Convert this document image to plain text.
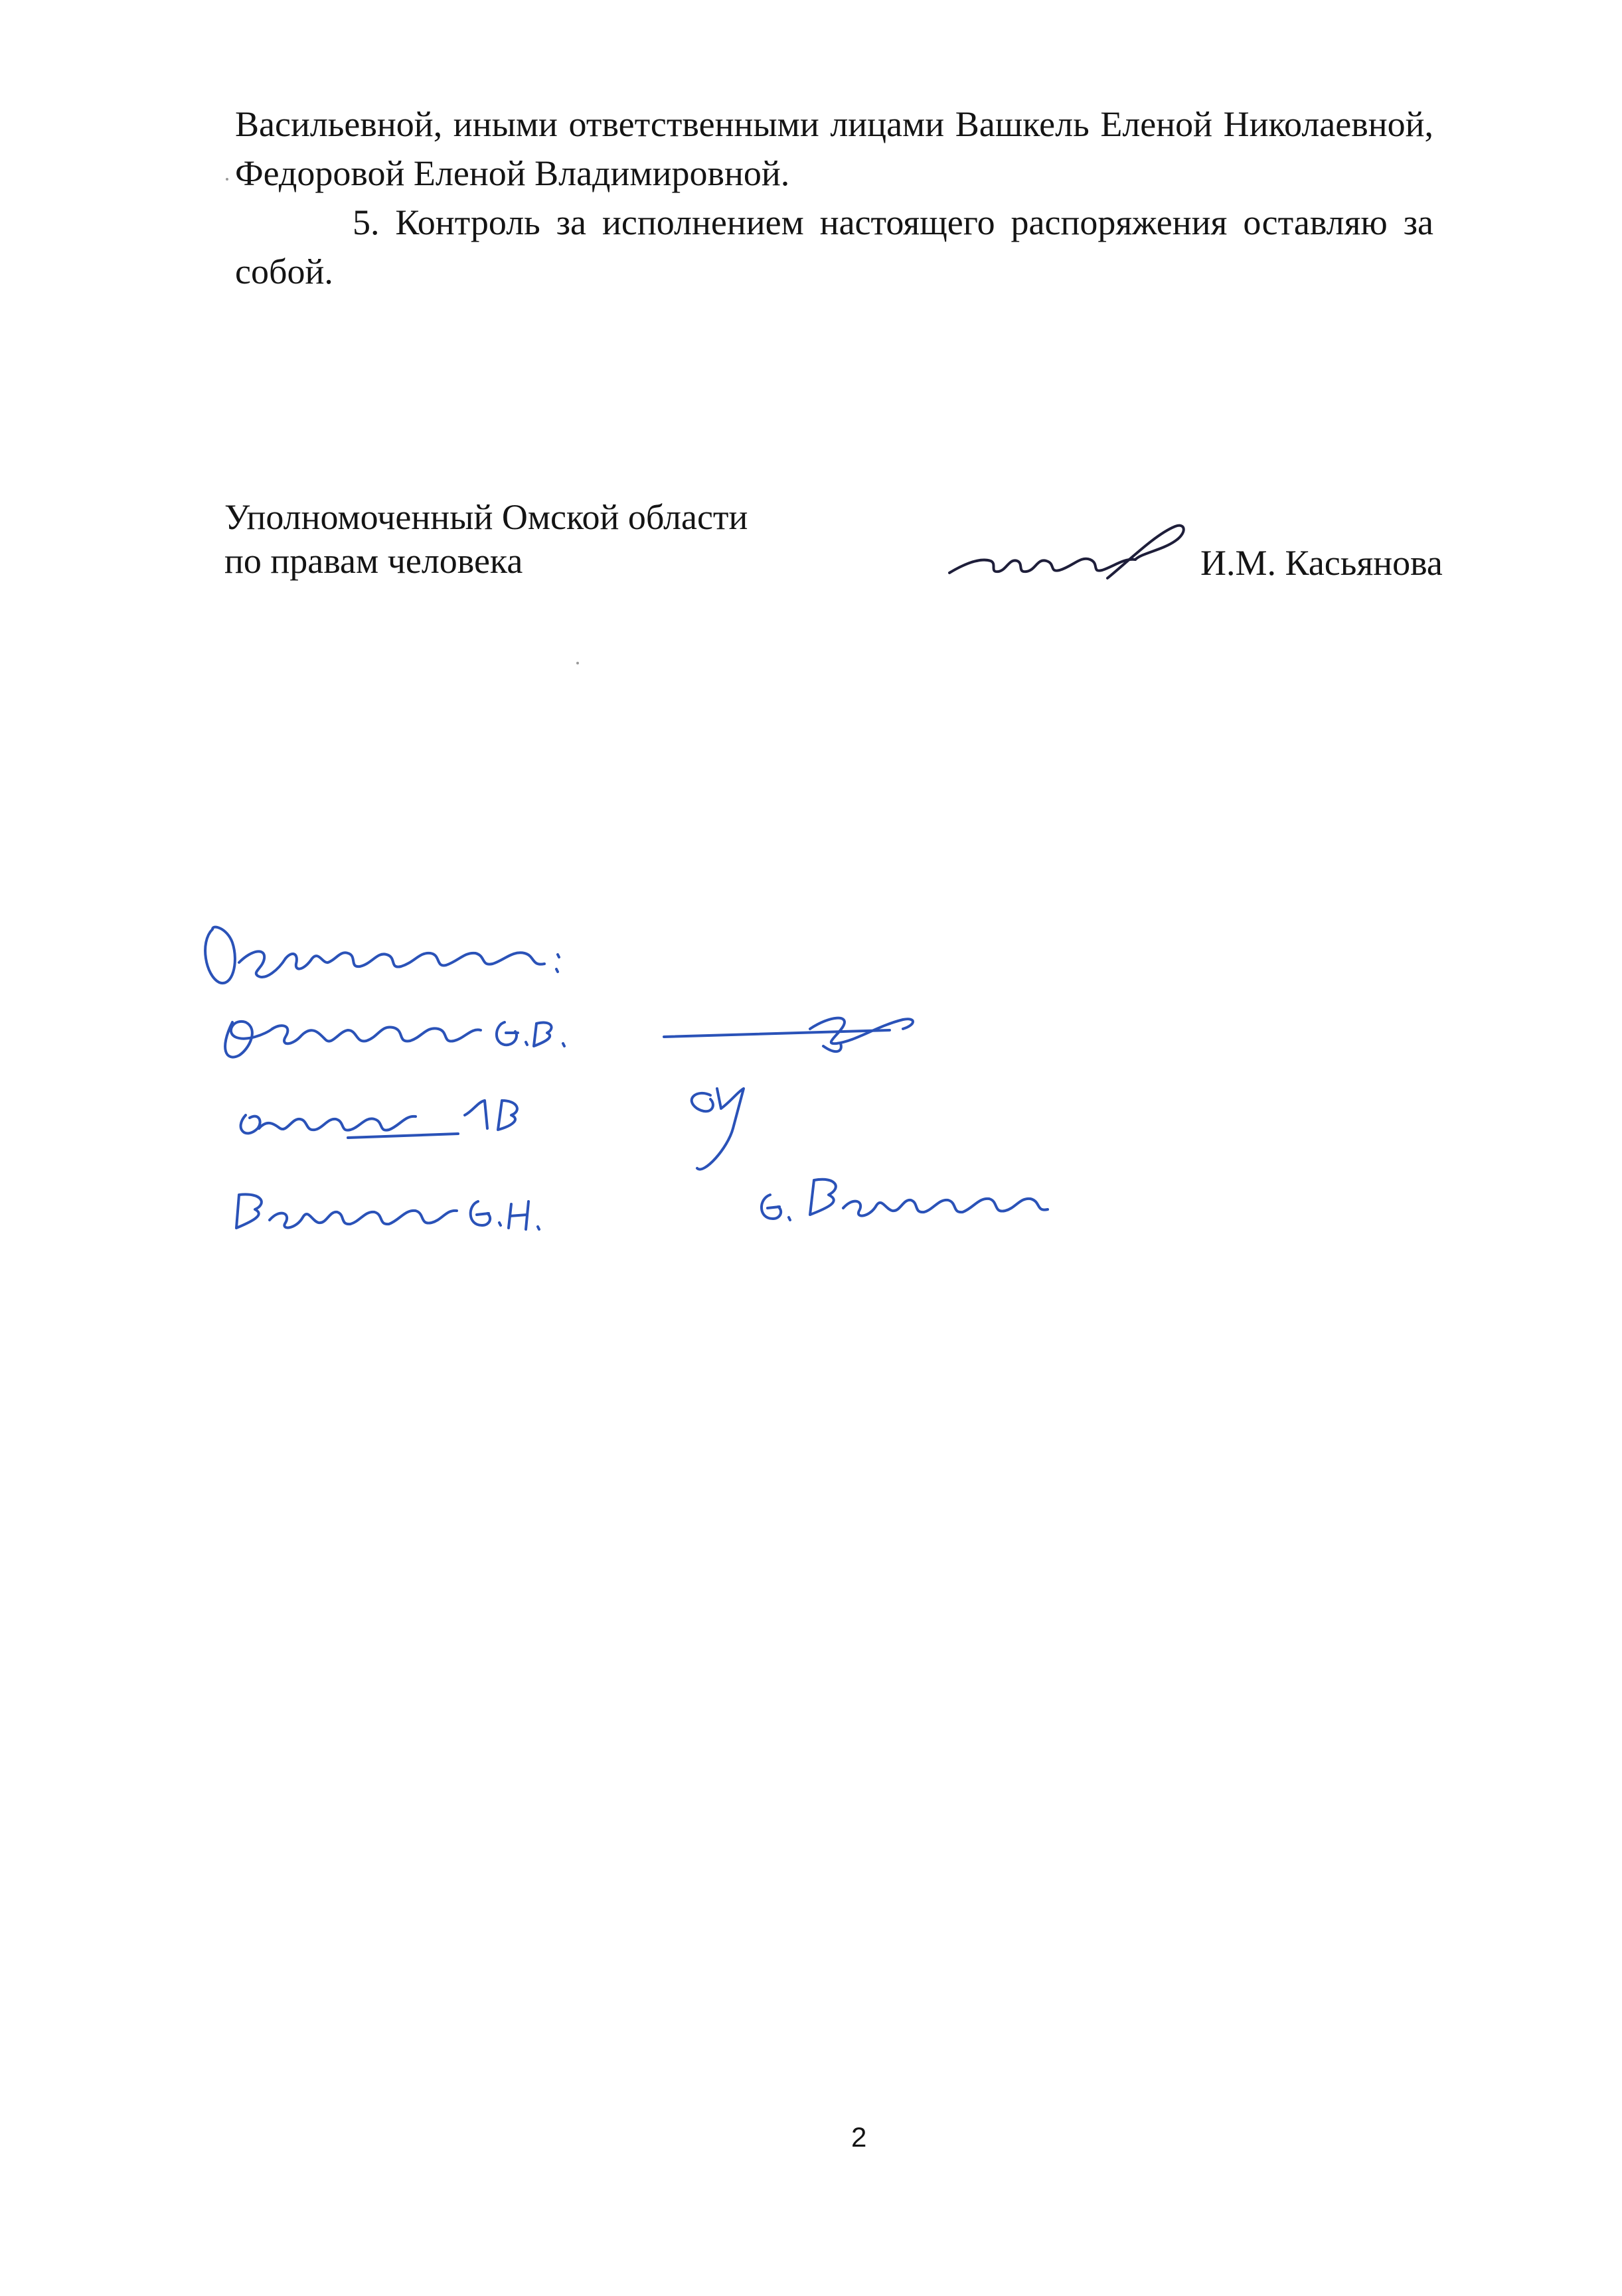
Васильевной, иными ответственными лицами Вашкель Еленой Николаевной, Федоровой Еленой Владимировной.

5. Контроль за исполнением настоящего распоряжения оставляю за собой.

Уполномоченный Омской области
по правам человека	И.М. Касьянова
2
